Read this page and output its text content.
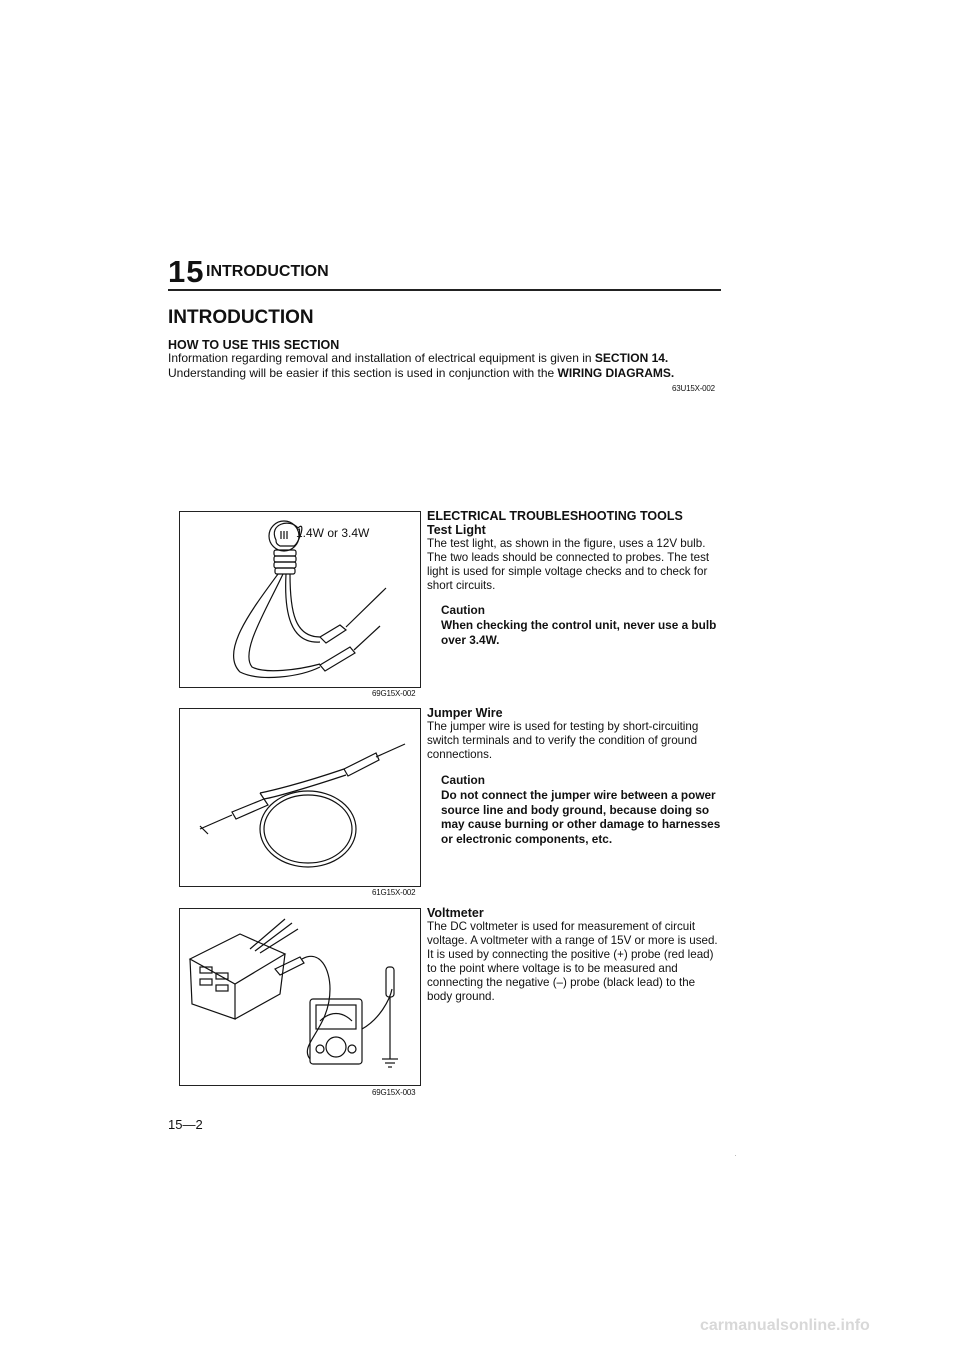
15 INTRODUCTION
INTRODUCTION
HOW TO USE THIS SECTION
Information regarding removal and installation of electrical equipment is given in SECTION 14.
Understanding will be easier if this section is used in conjunction with the WIRING DIAGRAMS.
63U15X-002
1.4W or 3.4W
69G15X-002
ELECTRICAL TROUBLESHOOTING TOOLS
Test Light
The test light, as shown in the figure, uses a 12V bulb. The two leads should be connected to probes. The test light is used for simple voltage checks and to check for short circuits.
Caution
When checking the control unit, never use a bulb over 3.4W.
61G15X-002
Jumper Wire
The jumper wire is used for testing by short-circuiting switch terminals and to verify the condition of ground connections.
Caution
Do not connect the jumper wire between a power source line and body ground, because doing so may cause burning or other damage to harnesses or electronic components, etc.
69G15X-003
Voltmeter
The DC voltmeter is used for measurement of circuit voltage. A voltmeter with a range of 15V or more is used. It is used by connecting the positive (+) probe (red lead) to the point where voltage is to be measured and connecting the negative (–) probe (black lead) to the body ground.
15—2
carmanualsonline.info
